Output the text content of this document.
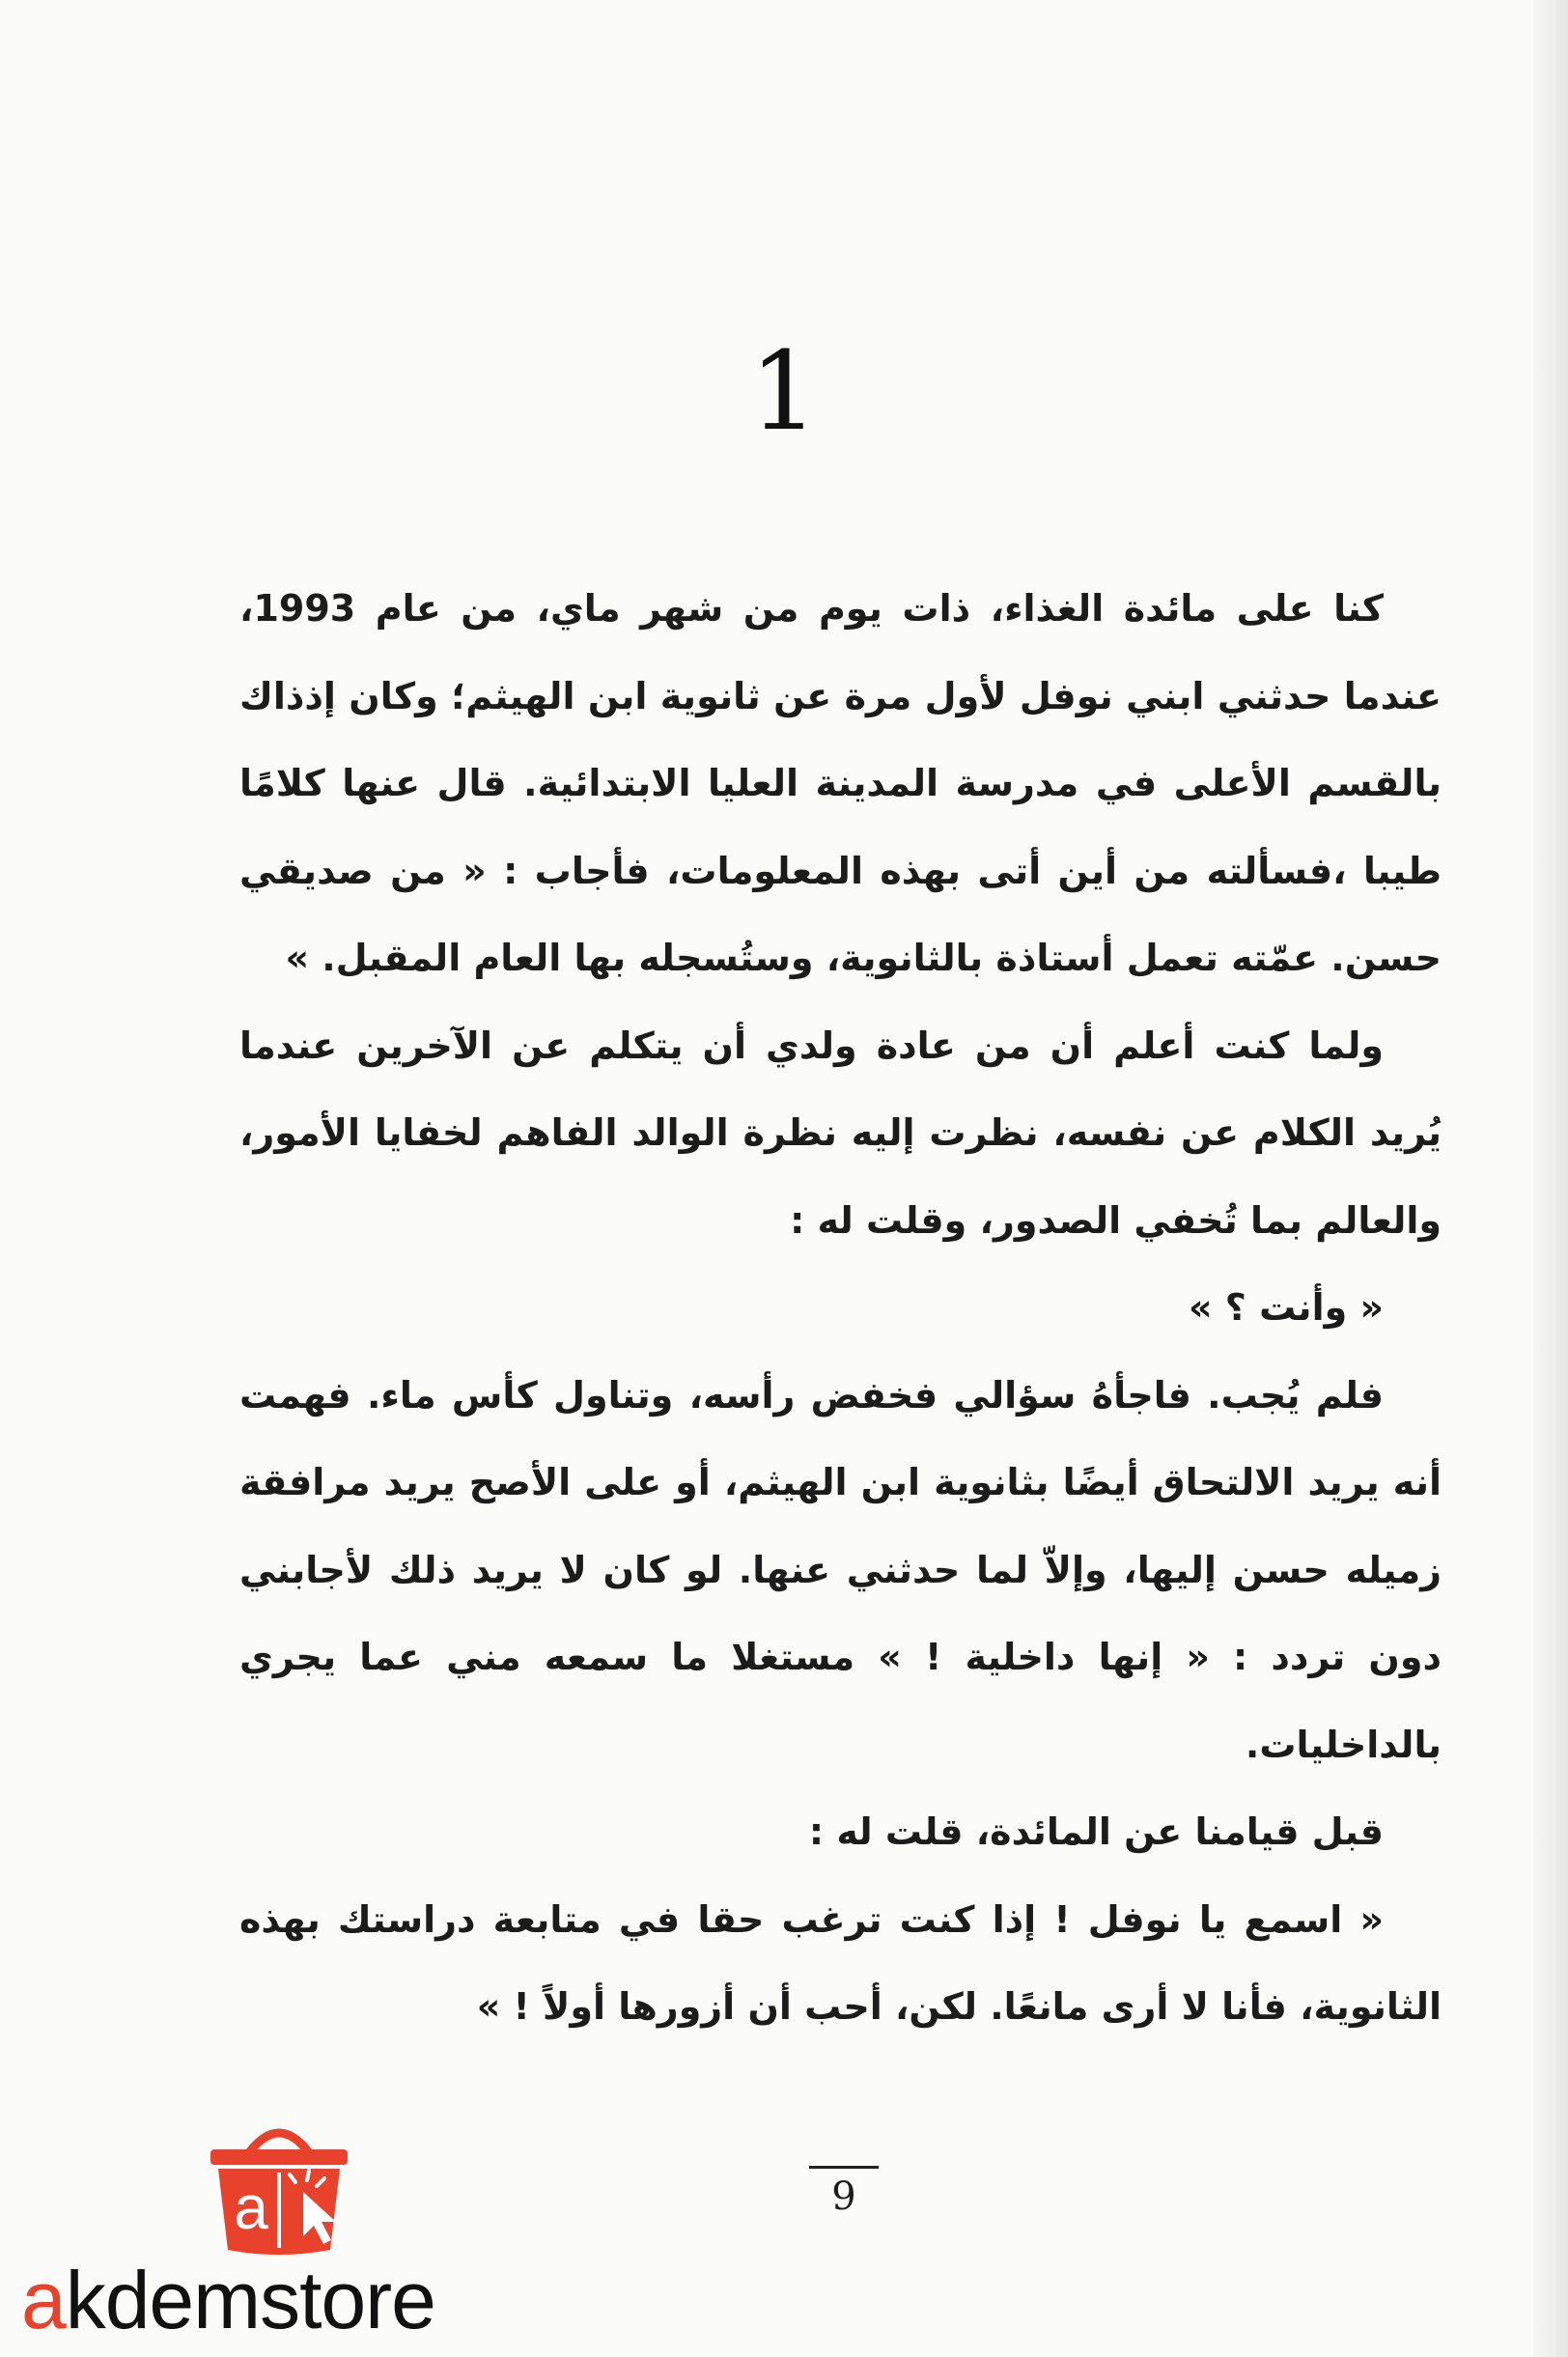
1

كنا على مائدة الغذاء، ذات يوم من شهر ماي، من عام 1993، عندما حدثني ابني نوفل لأول مرة عن ثانوية ابن الهيثم؛ وكان إذذاك بالقسم الأعلى في مدرسة المدينة العليا الابتدائية. قال عنها كلامًا طيبا ،فسألته من أين أتى بهذه المعلومات، فأجاب : « من صديقي حسن. عمّته تعمل أستاذة بالثانوية، وستُسجله بها العام المقبل. »

ولما كنت أعلم أن من عادة ولدي أن يتكلم عن الآخرين عندما يُريد الكلام عن نفسه، نظرت إليه نظرة الوالد الفاهم لخفايا الأمور، والعالم بما تُخفي الصدور، وقلت له :

« وأنت ؟ »

فلم يُجب. فاجأهُ سؤالي فخفض رأسه، وتناول كأس ماء. فهمت أنه يريد الالتحاق أيضًا بثانوية ابن الهيثم، أو على الأصح يريد مرافقة زميله حسن إليها، وإلاّ لما حدثني عنها. لو كان لا يريد ذلك لأجابني دون تردد : « إنها داخلية ! » مستغلا ما سمعه مني عما يجري بالداخليات.

قبل قيامنا عن المائدة، قلت له :

« اسمع يا نوفل ! إذا كنت ترغب حقا في متابعة دراستك بهذه الثانوية، فأنا لا أرى مانعًا. لكن، أحب أن أزورها أولاً ! »

9
a
akdemstore
